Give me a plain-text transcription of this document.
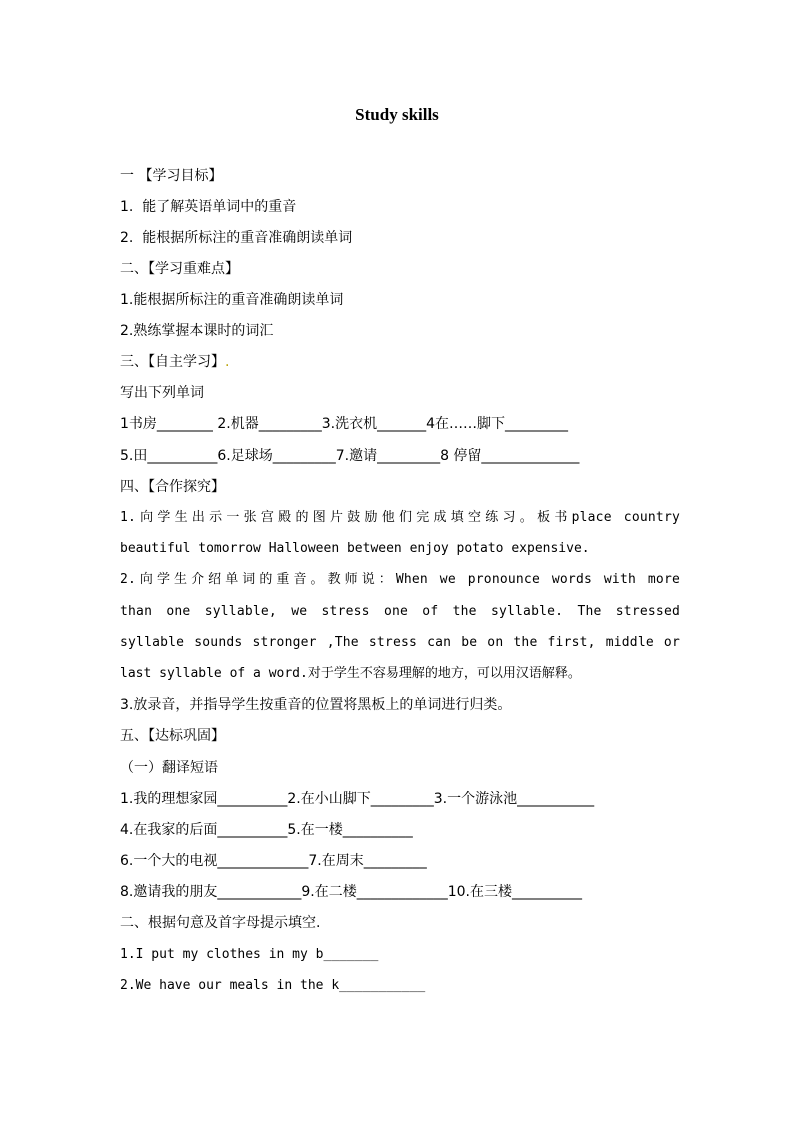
Study skills
一 【学习目标】
1.  能了解英语单词中的重音
2.  能根据所标注的重音准确朗读单词
二、【学习重难点】
1.能根据所标注的重音准确朗读单词
2.熟练掌握本课时的词汇
三、【自主学习】.
写出下列单词
1书房________ 2.机器_________3.洗衣机_______4在……脚下_________
5.田__________6.足球场_________7.邀请_________8 停留______________
四、【合作探究】
1.向学生出示一张宫殿的图片鼓励他们完成填空练习。板书place country
beautiful tomorrow Halloween between enjoy potato expensive.
2.向学生介绍单词的重音。教师说：When we pronounce words with more
than one syllable, we stress one of the syllable. The stressed
syllable sounds stronger ,The stress can be on the first, middle or
last syllable of a word.对于学生不容易理解的地方，可以用汉语解释。
3.放录音，并指导学生按重音的位置将黑板上的单词进行归类。
五、【达标巩固】
（一）翻译短语
1.我的理想家园__________2.在小山脚下_________3.一个游泳池___________
4.在我家的后面__________5.在一楼__________
6.一个大的电视_____________7.在周末_________
8.邀请我的朋友____________9.在二楼_____________10.在三楼__________
二、根据句意及首字母提示填空.
1.I put my clothes in my b_______
2.We have our meals in the k___________
